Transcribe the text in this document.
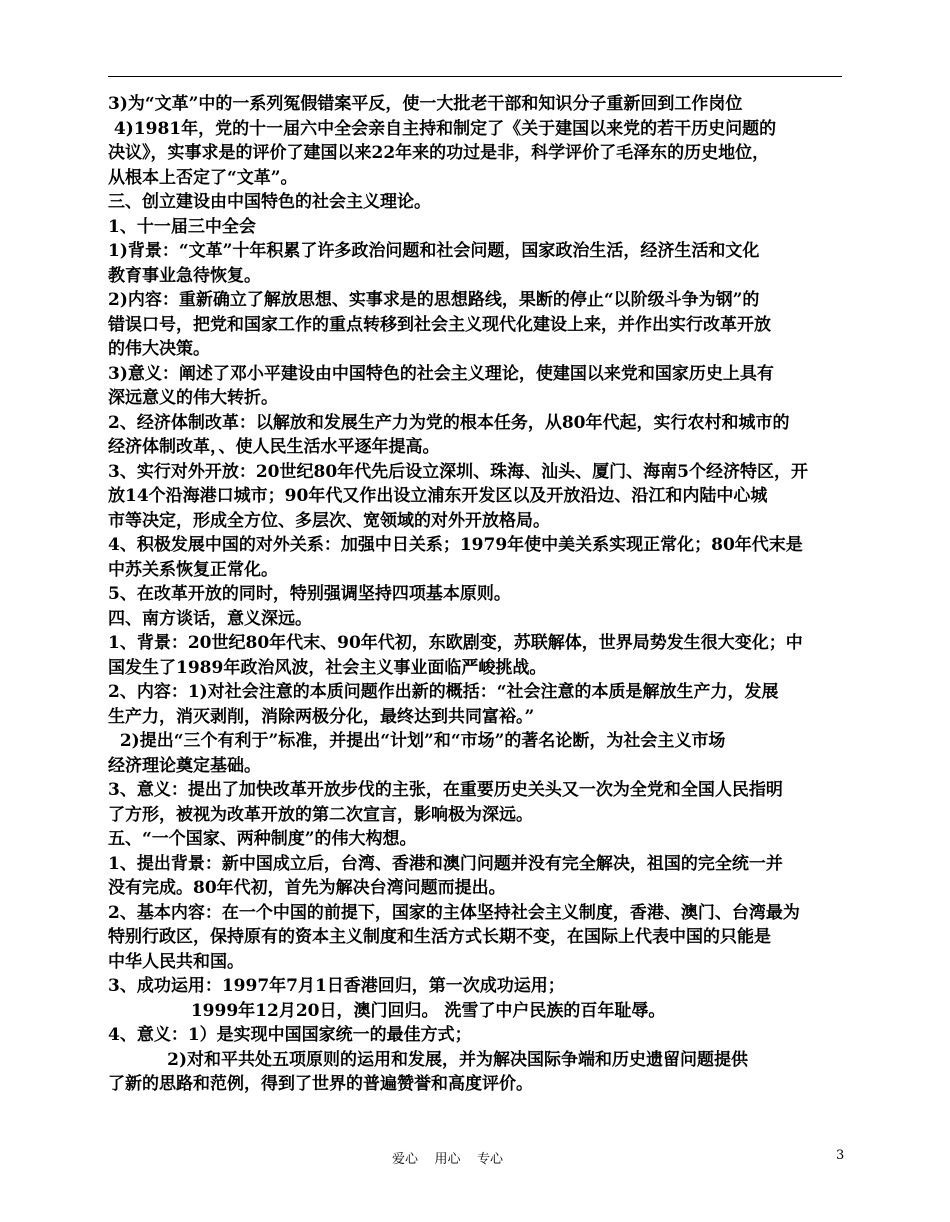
3)为“文革”中的一系列冤假错案平反，使一大批老干部和知识分子重新回到工作岗位
4)1981年，党的十一届六中全会亲自主持和制定了《关于建国以来党的若干历史问题的
决议》，实事求是的评价了建国以来22年来的功过是非，科学评价了毛泽东的历史地位，
从根本上否定了“文革”。
三、创立建设由中国特色的社会主义理论。
1、十一届三中全会
1)背景：“文革”十年积累了许多政治问题和社会问题，国家政治生活，经济生活和文化
教育事业急待恢复。
2)内容：重新确立了解放思想、实事求是的思想路线，果断的停止“以阶级斗争为钢”的
错误口号，把党和国家工作的重点转移到社会主义现代化建设上来，并作出实行改革开放
的伟大决策。
3)意义：阐述了邓小平建设由中国特色的社会主义理论，使建国以来党和国家历史上具有
深远意义的伟大转折。
2、经济体制改革：以解放和发展生产力为党的根本任务，从80年代起，实行农村和城市的
经济体制改革，、使人民生活水平逐年提高。
3、实行对外开放：20世纪80年代先后设立深圳、珠海、汕头、厦门、海南5个经济特区，开
放14个沿海港口城市；90年代又作出设立浦东开发区以及开放沿边、沿江和内陆中心城
市等决定，形成全方位、多层次、宽领域的对外开放格局。
4、积极发展中国的对外关系：加强中日关系；1979年使中美关系实现正常化；80年代末是
中苏关系恢复正常化。
5、在改革开放的同时，特别强调坚持四项基本原则。
四、南方谈话，意义深远。
1、背景：20世纪80年代末、90年代初，东欧剧变，苏联解体，世界局势发生很大变化；中
国发生了1989年政治风波，社会主义事业面临严峻挑战。
2、内容：1)对社会注意的本质问题作出新的概括：“社会注意的本质是解放生产力，发展
生产力，消灭剥削，消除两极分化，最终达到共同富裕。”
2)提出“三个有利于”标准，并提出“计划”和“市场”的著名论断，为社会主义市场
经济理论奠定基础。
3、意义：提出了加快改革开放步伐的主张，在重要历史关头又一次为全党和全国人民指明
了方形，被视为改革开放的第二次宣言，影响极为深远。
五、“一个国家、两种制度”的伟大构想。
1、提出背景：新中国成立后，台湾、香港和澳门问题并没有完全解决，祖国的完全统一并
没有完成。80年代初，首先为解决台湾问题而提出。
2、基本内容：在一个中国的前提下，国家的主体坚持社会主义制度，香港、澳门、台湾最为
特别行政区，保持原有的资本主义制度和生活方式长期不变，在国际上代表中国的只能是
中华人民共和国。
3、成功运用：1997年7月1日香港回归，第一次成功运用；
1999年12月20日，澳门回归。 洗雪了中户民族的百年耻辱。
4、意义：1）是实现中国国家统一的最佳方式；
2)对和平共处五项原则的运用和发展，并为解决国际争端和历史遗留问题提供
了新的思路和范例，得到了世界的普遍赞誉和高度评价。
爱心    用心    专心	3
